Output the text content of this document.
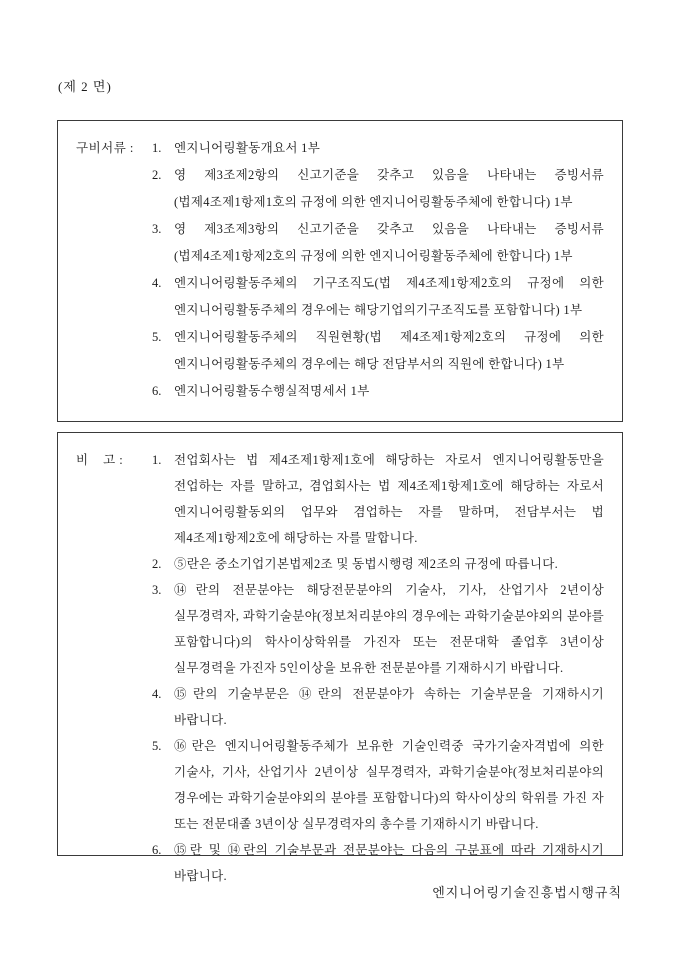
(제 2 면)
구비서류 :	1.	엔지니어링활동개요서 1부
2.	영 제3조제2항의 신고기준을 갖추고 있음을 나타내는 증빙서류(법제4조제1항제1호의 규정에 의한 엔지니어링활동주체에 한합니다) 1부
3.	영 제3조제3항의 신고기준을 갖추고 있음을 나타내는 증빙서류(법제4조제1항제2호의 규정에 의한 엔지니어링활동주체에 한합니다) 1부
4.	엔지니어링활동주체의 기구조직도(법 제4조제1항제2호의 규정에 의한 엔지니어링활동주체의 경우에는 해당기업의기구조직도를 포함합니다) 1부
5.	엔지니어링활동주체의 직원현황(법 제4조제1항제2호의 규정에 의한 엔지니어링활동주체의 경우에는 해당 전담부서의 직원에 한합니다) 1부
6.	엔지니어링활동수행실적명세서 1부
비    고 :	1.	전업회사는 법 제4조제1항제1호에 해당하는 자로서 엔지니어링활동만을 전업하는 자를 말하고, 겸업회사는 법 제4조제1항제1호에 해당하는 자로서 엔지니어링활동외의 업무와 겸업하는 자를 말하며, 전담부서는 법 제4조제1항제2호에 해당하는 자를 말합니다.
2.	⑤란은 중소기업기본법제2조 및 동법시행령 제2조의 규정에 따릅니다.
3.	⑭란의 전문분야는 해당전문분야의 기술사, 기사, 산업기사 2년이상 실무경력자, 과학기술분야(정보처리분야의 경우에는 과학기술분야외의 분야를 포함합니다)의 학사이상학위를 가진자 또는 전문대학 졸업후 3년이상 실무경력을 가진자 5인이상을 보유한 전문분야를 기재하시기 바랍니다.
4.	⑮란의 기술부문은 ⑭란의 전문분야가 속하는 기술부문을 기재하시기 바랍니다.
5.	⑯란은 엔지니어링활동주체가 보유한 기술인력중 국가기술자격법에 의한 기술사, 기사, 산업기사 2년이상 실무경력자, 과학기술분야(정보처리분야의 경우에는 과학기술분야외의 분야를 포함합니다)의 학사이상의 학위를 가진 자 또는 전문대졸 3년이상 실무경력자의 총수를 기재하시기 바랍니다.
6.	⑮란 및 ⑭란의 기술부문과 전문분야는 다음의 구분표에 따라 기재하시기 바랍니다.
엔지니어링기술진흥법시행규칙
